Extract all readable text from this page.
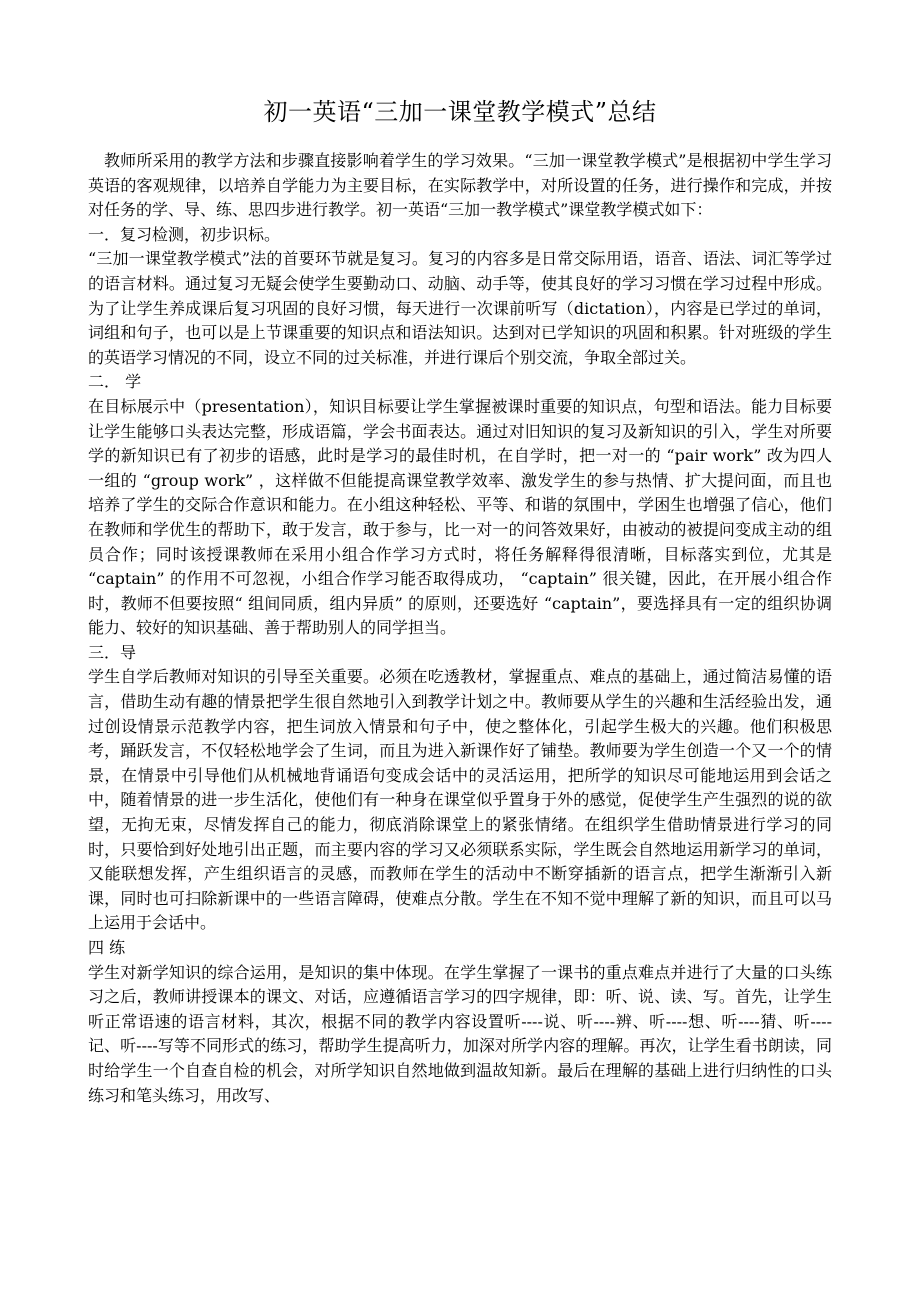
初一英语“三加一课堂教学模式”总结

教师所采用的教学方法和步骤直接影响着学生的学习效果。“三加一课堂教学模式”是根据初中学生学习英语的客观规律，以培养自学能力为主要目标，在实际教学中，对所设置的任务，进行操作和完成，并按对任务的学、导、练、思四步进行教学。初一英语“三加一教学模式”课堂教学模式如下：

一．复习检测，初步识标。

“三加一课堂教学模式”法的首要环节就是复习。复习的内容多是日常交际用语，语音、语法、词汇等学过的语言材料。通过复习无疑会使学生要勤动口、动脑、动手等，使其良好的学习习惯在学习过程中形成。为了让学生养成课后复习巩固的良好习惯，每天进行一次课前听写（dictation），内容是已学过的单词，词组和句子，也可以是上节课重要的知识点和语法知识。达到对已学知识的巩固和积累。针对班级的学生的英语学习情况的不同，设立不同的过关标准，并进行课后个别交流，争取全部过关。

二． 学

在目标展示中（presentation），知识目标要让学生掌握被课时重要的知识点，句型和语法。能力目标要让学生能够口头表达完整，形成语篇，学会书面表达。通过对旧知识的复习及新知识的引入，学生对所要学的新知识已有了初步的语感，此时是学习的最佳时机，在自学时，把一对一的 “pair work” 改为四人一组的 “group work” ，这样做不但能提高课堂教学效率、激发学生的参与热情、扩大提问面，而且也培养了学生的交际合作意识和能力。在小组这种轻松、平等、和谐的氛围中，学困生也增强了信心，他们在教师和学优生的帮助下，敢于发言，敢于参与，比一对一的问答效果好，由被动的被提问变成主动的组员合作；同时该授课教师在采用小组合作学习方式时，将任务解释得很清晰，目标落实到位，尤其是 “captain” 的作用不可忽视，小组合作学习能否取得成功， “captain” 很关键，因此，在开展小组合作时，教师不但要按照“ 组间同质，组内异质” 的原则，还要选好 “captain”，要选择具有一定的组织协调能力、较好的知识基础、善于帮助别人的同学担当。

三．导

学生自学后教师对知识的引导至关重要。必须在吃透教材，掌握重点、难点的基础上，通过简洁易懂的语言，借助生动有趣的情景把学生很自然地引入到教学计划之中。教师要从学生的兴趣和生活经验出发，通过创设情景示范教学内容，把生词放入情景和句子中，使之整体化，引起学生极大的兴趣。他们积极思考，踊跃发言，不仅轻松地学会了生词，而且为进入新课作好了铺垫。教师要为学生创造一个又一个的情景，在情景中引导他们从机械地背诵语句变成会话中的灵活运用，把所学的知识尽可能地运用到会话之中，随着情景的进一步生活化，使他们有一种身在课堂似乎置身于外的感觉，促使学生产生强烈的说的欲望，无拘无束，尽情发挥自己的能力，彻底消除课堂上的紧张情绪。在组织学生借助情景进行学习的同时，只要恰到好处地引出正题，而主要内容的学习又必须联系实际，学生既会自然地运用新学习的单词，又能联想发挥，产生组织语言的灵感，而教师在学生的活动中不断穿插新的语言点，把学生渐渐引入新课，同时也可扫除新课中的一些语言障碍，使难点分散。学生在不知不觉中理解了新的知识，而且可以马上运用于会话中。

四 练

学生对新学知识的综合运用，是知识的集中体现。在学生掌握了一课书的重点难点并进行了大量的口头练习之后，教师讲授课本的课文、对话，应遵循语言学习的四字规律，即：听、说、读、写。首先，让学生听正常语速的语言材料，其次，根据不同的教学内容设置听----说、听----辨、听----想、听----猜、听----记、听----写等不同形式的练习，帮助学生提高听力，加深对所学内容的理解。再次，让学生看书朗读，同时给学生一个自查自检的机会，对所学知识自然地做到温故知新。最后在理解的基础上进行归纳性的口头练习和笔头练习，用改写、
